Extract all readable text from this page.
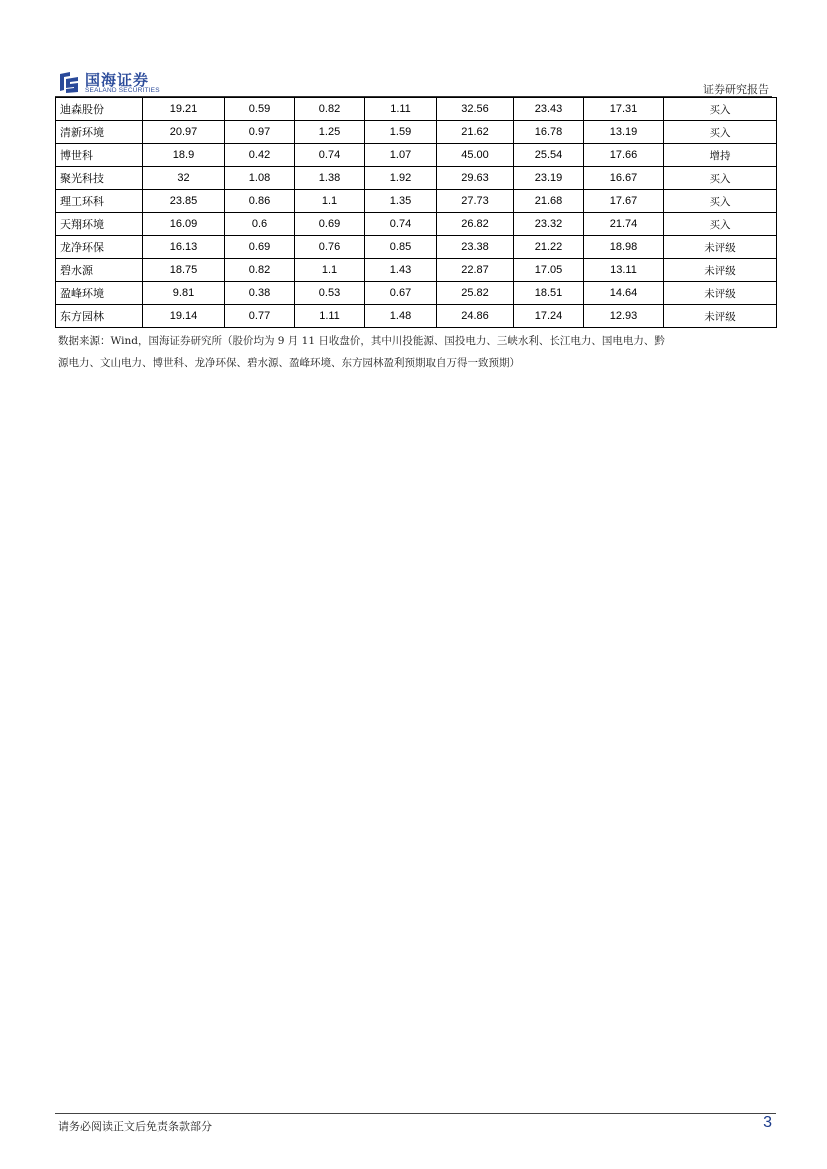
国海证券
SEALAND SECURITIES	证券研究报告
迪森股份	19.21	0.59	0.82	1.11	32.56	23.43	17.31	买入
清新环境	20.97	0.97	1.25	1.59	21.62	16.78	13.19	买入
博世科	18.9	0.42	0.74	1.07	45.00	25.54	17.66	增持
聚光科技	32	1.08	1.38	1.92	29.63	23.19	16.67	买入
理工环科	23.85	0.86	1.1	1.35	27.73	21.68	17.67	买入
天翔环境	16.09	0.6	0.69	0.74	26.82	23.32	21.74	买入
龙净环保	16.13	0.69	0.76	0.85	23.38	21.22	18.98	未评级
碧水源	18.75	0.82	1.1	1.43	22.87	17.05	13.11	未评级
盈峰环境	9.81	0.38	0.53	0.67	25.82	18.51	14.64	未评级
东方园林	19.14	0.77	1.11	1.48	24.86	17.24	12.93	未评级
数据来源：Wind，国海证券研究所（股价均为 9 月 11 日收盘价，其中川投能源、国投电力、三峡水利、长江电力、国电电力、黔
源电力、文山电力、博世科、龙净环保、碧水源、盈峰环境、东方园林盈利预期取自万得一致预期）
请务必阅读正文后免责条款部分	3
